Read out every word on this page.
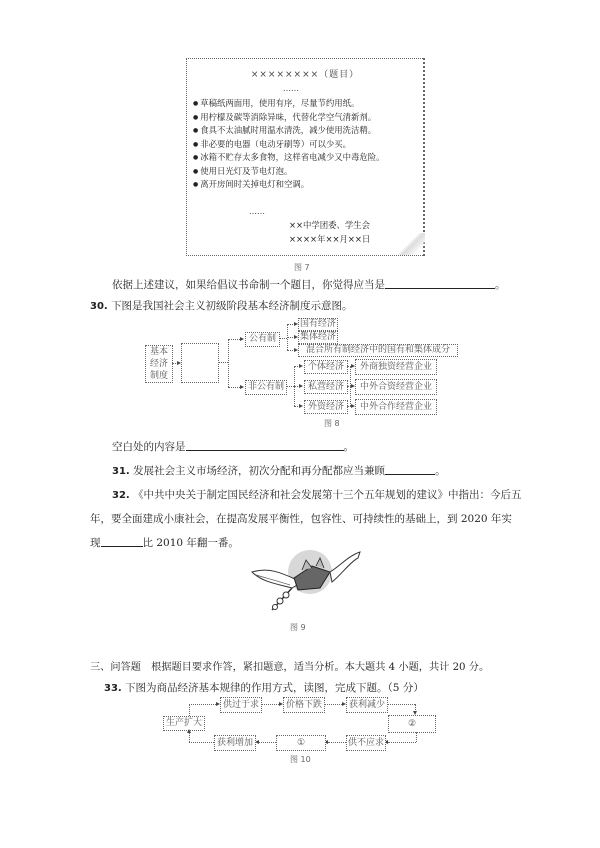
××××××××（题目）
……
● 草稿纸两面用，使用有序，尽量节约用纸。
● 用柠檬及碳等消除异味，代替化学空气清新剂。
● 食具不太油腻时用温水清洗，减少使用洗洁精。
● 非必要的电器（电动牙刷等）可以少买。
● 冰箱不贮存太多食物，这样省电减少又中毒危险。
● 使用日光灯及节电灯泡。
● 离开房间时关掉电灯和空调。
……
××中学团委、学生会
××××年××月××日
图 7
依据上述建议，如果给倡议书命制一个题目，你觉得应当是	。
30. 下图是我国社会主义初级阶段基本经济制度示意图。
基本
经济
制度
公有制
国有经济
集体经济
混合所有制经济中的国有和集体成分
非公有制
个体经济
私营经济
外资经济
外商独资经营企业
中外合资经营企业
中外合作经营企业
图 8
空白处的内容是	。
31. 发展社会主义市场经济，初次分配和再分配都应当兼顾	。
32. 《中共中央关于制定国民经济和社会发展第十三个五年规划的建议》中指出：今后五
年，要全面建成小康社会，在提高发展平衡性，包容性、可持续性的基础上，到 2020 年实
现	比 2010 年翻一番。
图 9
三、问答题　根据题目要求作答，紧扣题意，适当分析。本大题共 4 小题，共计 20 分。
33. 下图为商品经济基本规律的作用方式，读图，完成下题。（5 分）
生产扩大
供过于求	价格下跌	获利减少
②
供不应求
①
获利增加
图 10
